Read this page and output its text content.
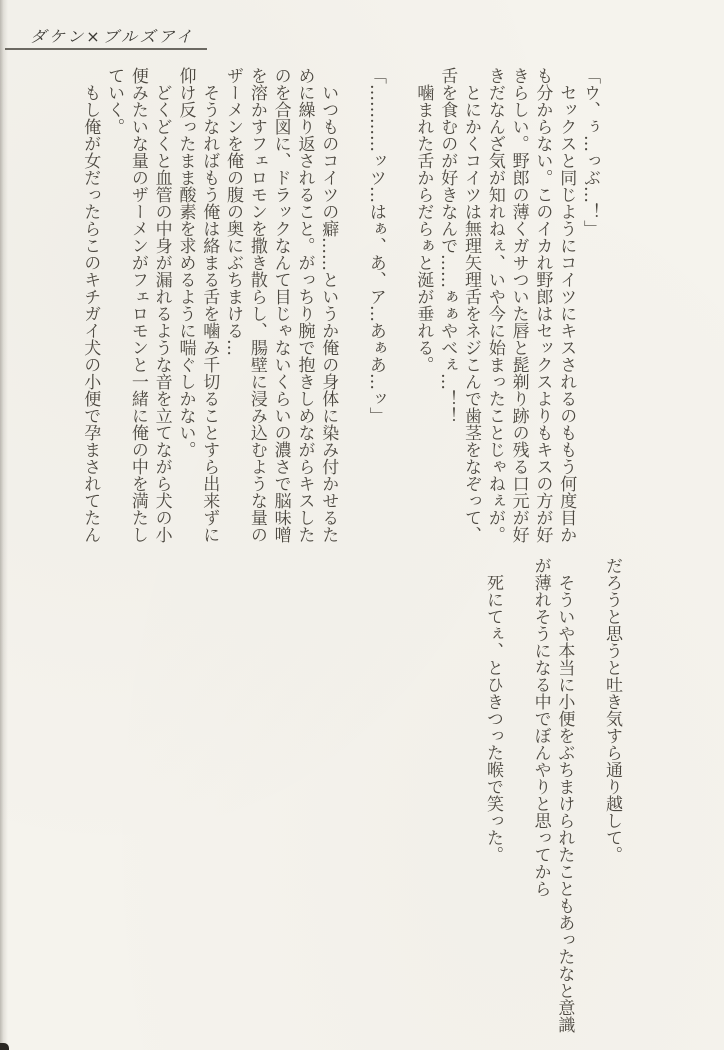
ダケン×ブルズアイ

「ウ、ぅ…っぶ…！」

セックスと同じようにコイツにキスされるのももう何度目か

も分からない。このイカれ野郎はセックスよりもキスの方が好

きらしい。野郎の薄くガサついた唇と髭剃り跡の残る口元が好

きだなんざ気が知れねぇ、いや今に始まったことじゃねぇが。

とにかくコイツは無理矢理舌をネジこんで歯茎をなぞって、

舌を食むのが好きなんで……ぁぁやべぇ…！！

噛まれた舌からだらぁと涎が垂れる。

「…………ッツ…はぁ、あ、ア…あぁあ…ッ」

いつものコイツの癖……というか俺の身体に染み付かせるた

めに繰り返されること。がっちり腕で抱きしめながらキスした

のを合図に、ドラックなんて目じゃないくらいの濃さで脳味噌

を溶かすフェロモンを撒き散らし、腸壁に浸み込むような量の

ザーメンを俺の腹の奥にぶちまける…

そうなればもう俺は絡まる舌を噛み千切ることすら出来ずに

仰け反ったまま酸素を求めるように喘ぐしかない。

どくどくと血管の中身が漏れるような音を立てながら犬の小

便みたいな量のザーメンがフェロモンと一緒に俺の中を満たし

ていく。

もし俺が女だったらこのキチガイ犬の小便で孕まされてたん

だろうと思うと吐き気すら通り越して。

そういや本当に小便をぶちまけられたこともあったなと意識

が薄れそうになる中でぼんやりと思ってから

死にてぇ、とひきつった喉で笑った。
